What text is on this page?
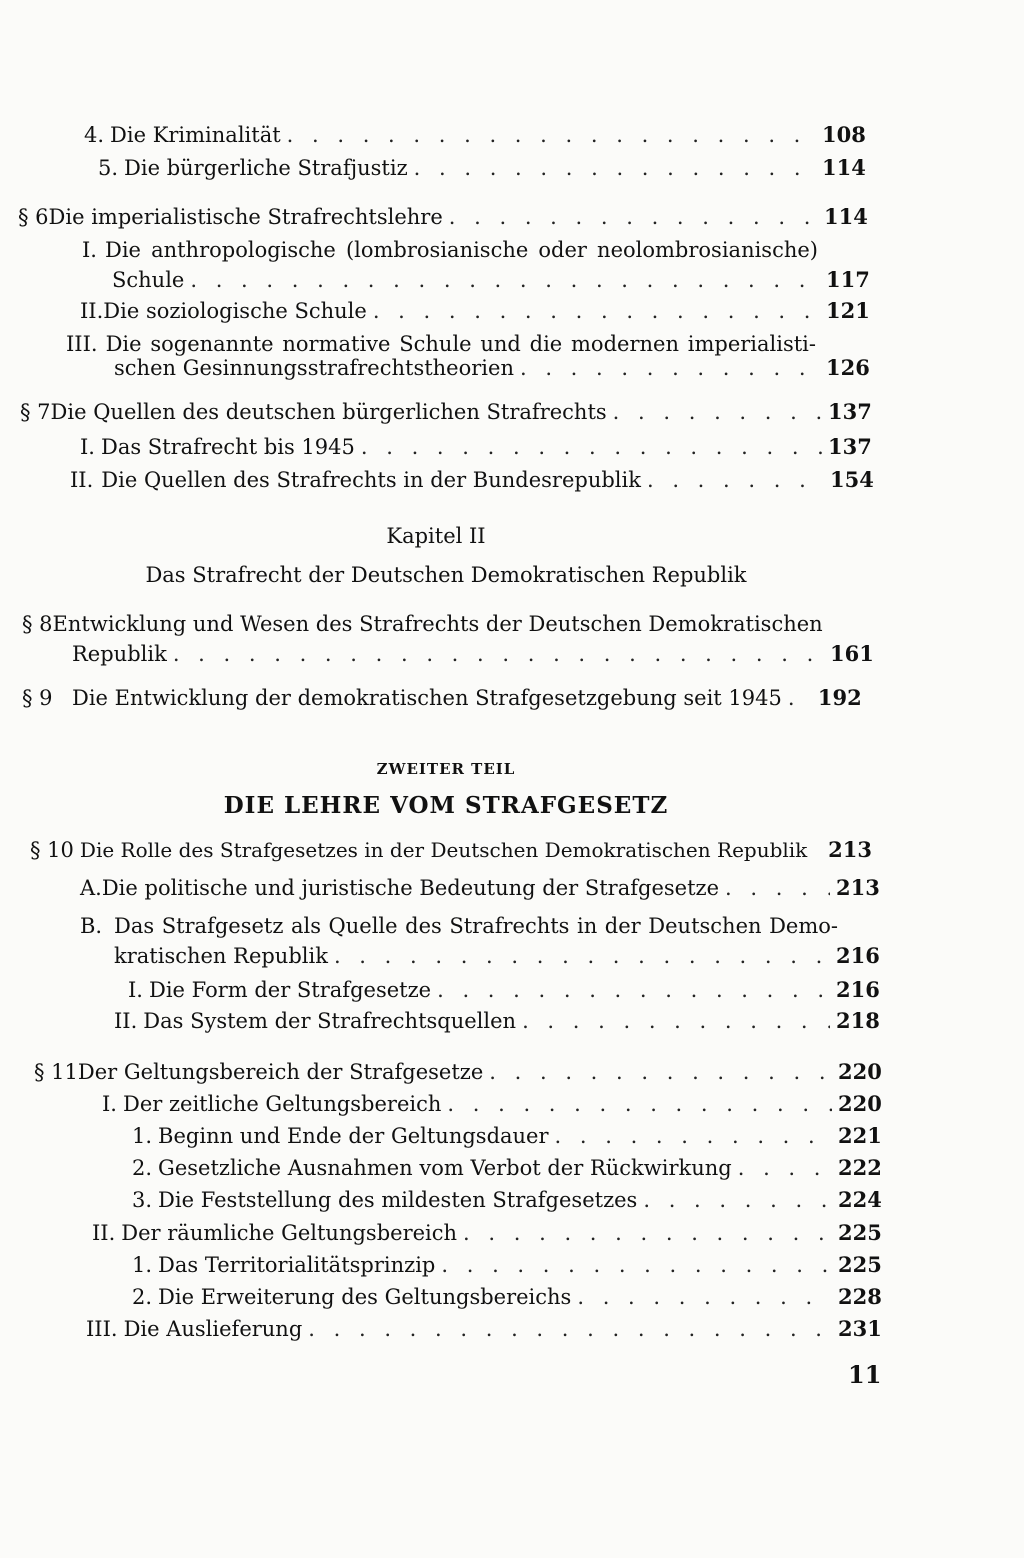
4. Die Kriminalität . . .	108
5. Die bürgerliche Strafjustiz . . .	114
§ 6 Die imperialistische Strafrechtslehre . . .	114
I. Die anthropologische (lombrosianische oder neolombrosianische)
Schule . . .	117
II. Die soziologische Schule . . .	121
III. Die sogenannte normative Schule und die modernen imperialisti-
schen Gesinnungsstrafrechtstheorien . . .	126
§ 7 Die Quellen des deutschen bürgerlichen Strafrechts . . .	137
I. Das Strafrecht bis 1945 . . .	137
II. Die Quellen des Strafrechts in der Bundesrepublik . . .	154
Kapitel II
Das Strafrecht der Deutschen Demokratischen Republik
§ 8 Entwicklung und Wesen des Strafrechts der Deutschen Demokratischen
Republik . . .	161
§ 9 Die Entwicklung der demokratischen Strafgesetzgebung seit 1945 . . . 192
ZWEITER TEIL
DIE LEHRE VOM STRAFGESETZ
§ 10 Die Rolle des Strafgesetzes in der Deutschen Demokratischen Republik 213
A. Die politische und juristische Bedeutung der Strafgesetze . . .	213
B. Das Strafgesetz als Quelle des Strafrechts in der Deutschen Demo-
kratischen Republik . . .	216
I. Die Form der Strafgesetze . . .	216
II. Das System der Strafrechtsquellen . . .	218
§ 11 Der Geltungsbereich der Strafgesetze . . .	220
I. Der zeitliche Geltungsbereich . . .	220
1. Beginn und Ende der Geltungsdauer . . .	221
2. Gesetzliche Ausnahmen vom Verbot der Rückwirkung . . .	222
3. Die Feststellung des mildesten Strafgesetzes . . .	224
II. Der räumliche Geltungsbereich . . .	225
1. Das Territorialitätsprinzip . . .	225
2. Die Erweiterung des Geltungsbereichs . . .	228
III. Die Auslieferung . . .	231
11
